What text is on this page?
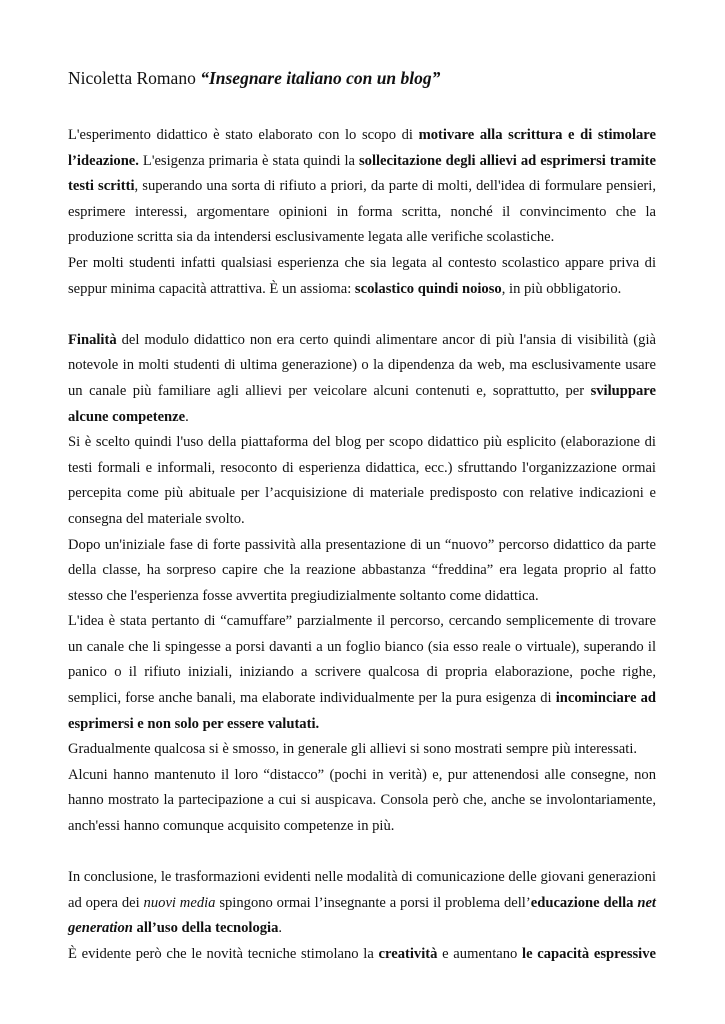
Nicoletta Romano “Insegnare italiano con un blog”

L'esperimento didattico è stato elaborato con lo scopo di motivare alla scrittura e di stimolare l’ideazione. L'esigenza primaria è stata quindi la sollecitazione degli allievi ad esprimersi tramite testi scritti, superando una sorta di rifiuto a priori, da parte di molti, dell'idea di formulare pensieri, esprimere interessi, argomentare opinioni in forma scritta, nonché il convincimento che la produzione scritta sia da intendersi esclusivamente legata alle verifiche scolastiche.

Per molti studenti infatti qualsiasi esperienza che sia legata al contesto scolastico appare priva di seppur minima capacità attrattiva. È un assioma: scolastico quindi noioso, in più obbligatorio.

Finalità del modulo didattico non era certo quindi alimentare ancor di più l'ansia di visibilità (già notevole in molti studenti di ultima generazione) o la dipendenza da web, ma esclusivamente usare un canale più familiare agli allievi per veicolare alcuni contenuti e, soprattutto, per sviluppare alcune competenze.

Si è scelto quindi l'uso della piattaforma del blog per scopo didattico più esplicito (elaborazione di testi formali e informali, resoconto di esperienza didattica, ecc.) sfruttando l'organizzazione ormai percepita come più abituale per l’acquisizione di materiale predisposto con relative indicazioni e consegna del materiale svolto.

Dopo un'iniziale fase di forte passività alla presentazione di un “nuovo” percorso didattico da parte della classe, ha sorpreso capire che la reazione abbastanza “freddina” era legata proprio al fatto stesso che l'esperienza fosse avvertita pregiudizialmente soltanto come didattica.

L'idea è stata pertanto di “camuffare” parzialmente il percorso, cercando semplicemente di trovare un canale che li spingesse a porsi davanti a un foglio bianco (sia esso reale o virtuale), superando il panico o il rifiuto iniziali, iniziando a scrivere qualcosa di propria elaborazione, poche righe, semplici, forse anche banali, ma elaborate individualmente per la pura esigenza di incominciare ad esprimersi e non solo per essere valutati.

Gradualmente qualcosa si è smosso, in generale gli allievi si sono mostrati sempre più interessati.

Alcuni hanno mantenuto il loro “distacco” (pochi in verità) e, pur attenendosi alle consegne, non hanno mostrato la partecipazione a cui si auspicava. Consola però che, anche se involontariamente, anch'essi hanno comunque acquisito competenze in più.

In conclusione, le trasformazioni evidenti nelle modalità di comunicazione delle giovani generazioni ad opera dei nuovi media spingono ormai l’insegnante a porsi il problema dell’educazione della net generation all’uso della tecnologia.

È evidente però che le novità tecniche stimolano la creatività e aumentano le capacità espressive
